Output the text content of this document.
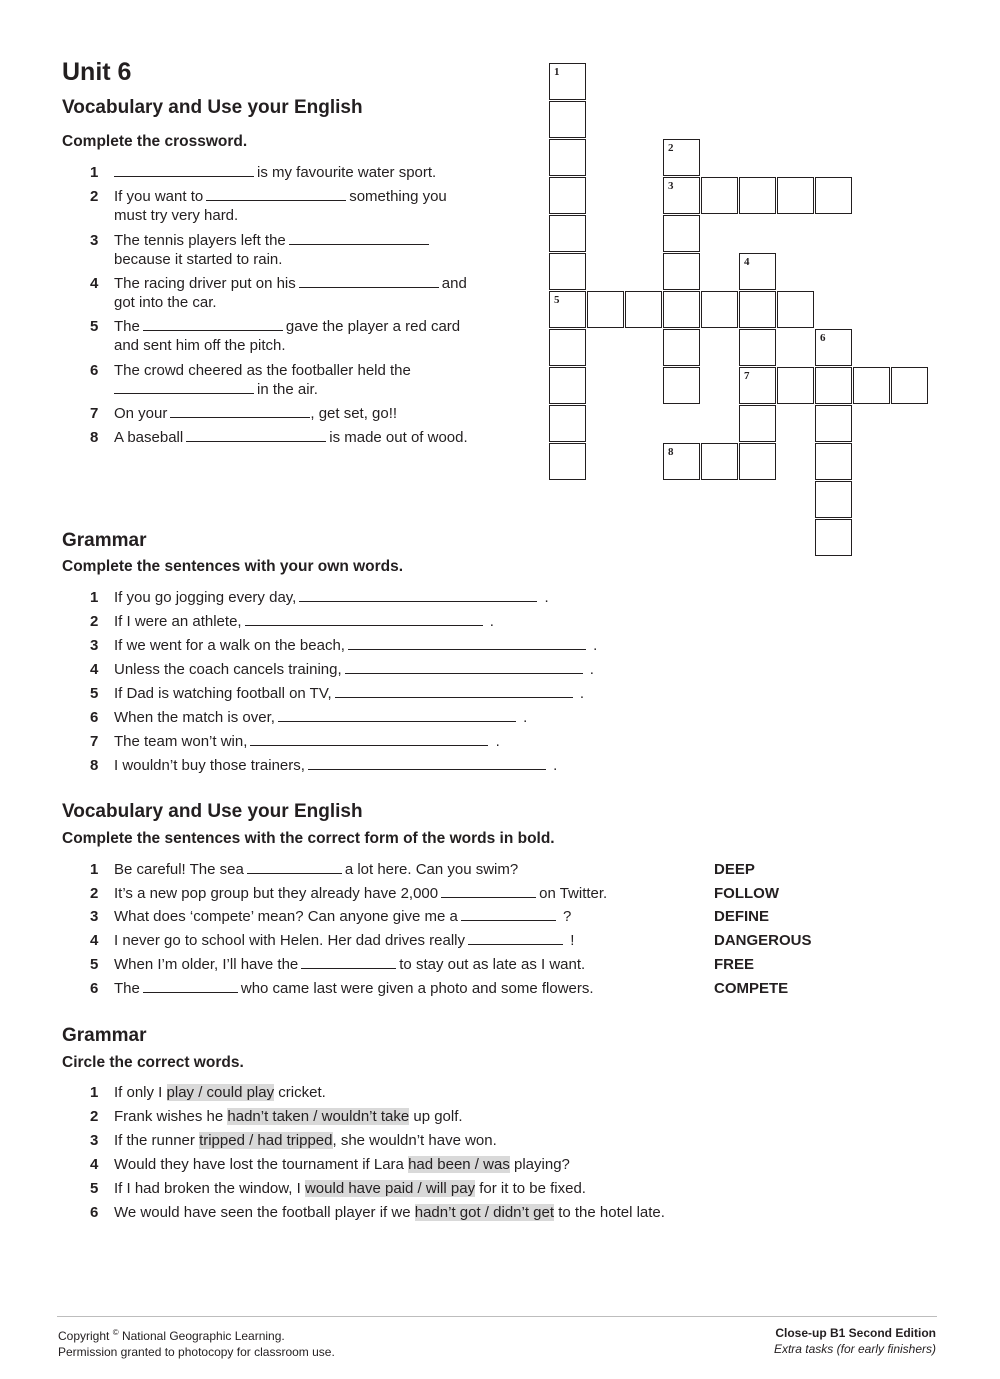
Unit 6
Vocabulary and Use your English
Complete the crossword.
1	is my favourite water sport.
2 If you want to	something you
must try very hard.
3 The tennis players left the
because it started to rain.
4 The racing driver put on his	and
got into the car.
5 The	gave the player a red card
and sent him off the pitch.
6 The crowd cheered as the footballer held the
in the air.
7 On your	, get set, go!!
8 A baseball	is made out of wood.
1
5
2
3
4
7
6
8
Grammar
Complete the sentences with your own words.
1 If you go jogging every day,	.
2 If I were an athlete,	.
3 If we went for a walk on the beach,	.
4 Unless the coach cancels training,	.
5 If Dad is watching football on TV,	.
6 When the match is over,	.
7 The team won’t win,	.
8 I wouldn’t buy those trainers,	.
Vocabulary and Use your English
Complete the sentences with the correct form of the words in bold.
1 Be careful! The sea	a lot here. Can you swim?	DEEP
2 It’s a new pop group but they already have 2,000	on Twitter.	FOLLOW
3 What does ‘compete’ mean? Can anyone give me a	?	DEFINE
4 I never go to school with Helen. Her dad drives really	!	DANGEROUS
5 When I’m older, I’ll have the	to stay out as late as I want.	FREE
6 The	who came last were given a photo and some flowers.	COMPETE
Grammar
Circle the correct words.
1 If only I play / could play cricket.
2 Frank wishes he hadn’t taken / wouldn’t take up golf.
3 If the runner tripped / had tripped, she wouldn’t have won.
4 Would they have lost the tournament if Lara had been / was playing?
5 If I had broken the window, I would have paid / will pay for it to be fixed.
6 We would have seen the football player if we hadn’t got / didn’t get to the hotel late.
Copyright © National Geographic Learning.
Permission granted to photocopy for classroom use.
Close-up B1 Second Edition
Extra tasks (for early finishers)
